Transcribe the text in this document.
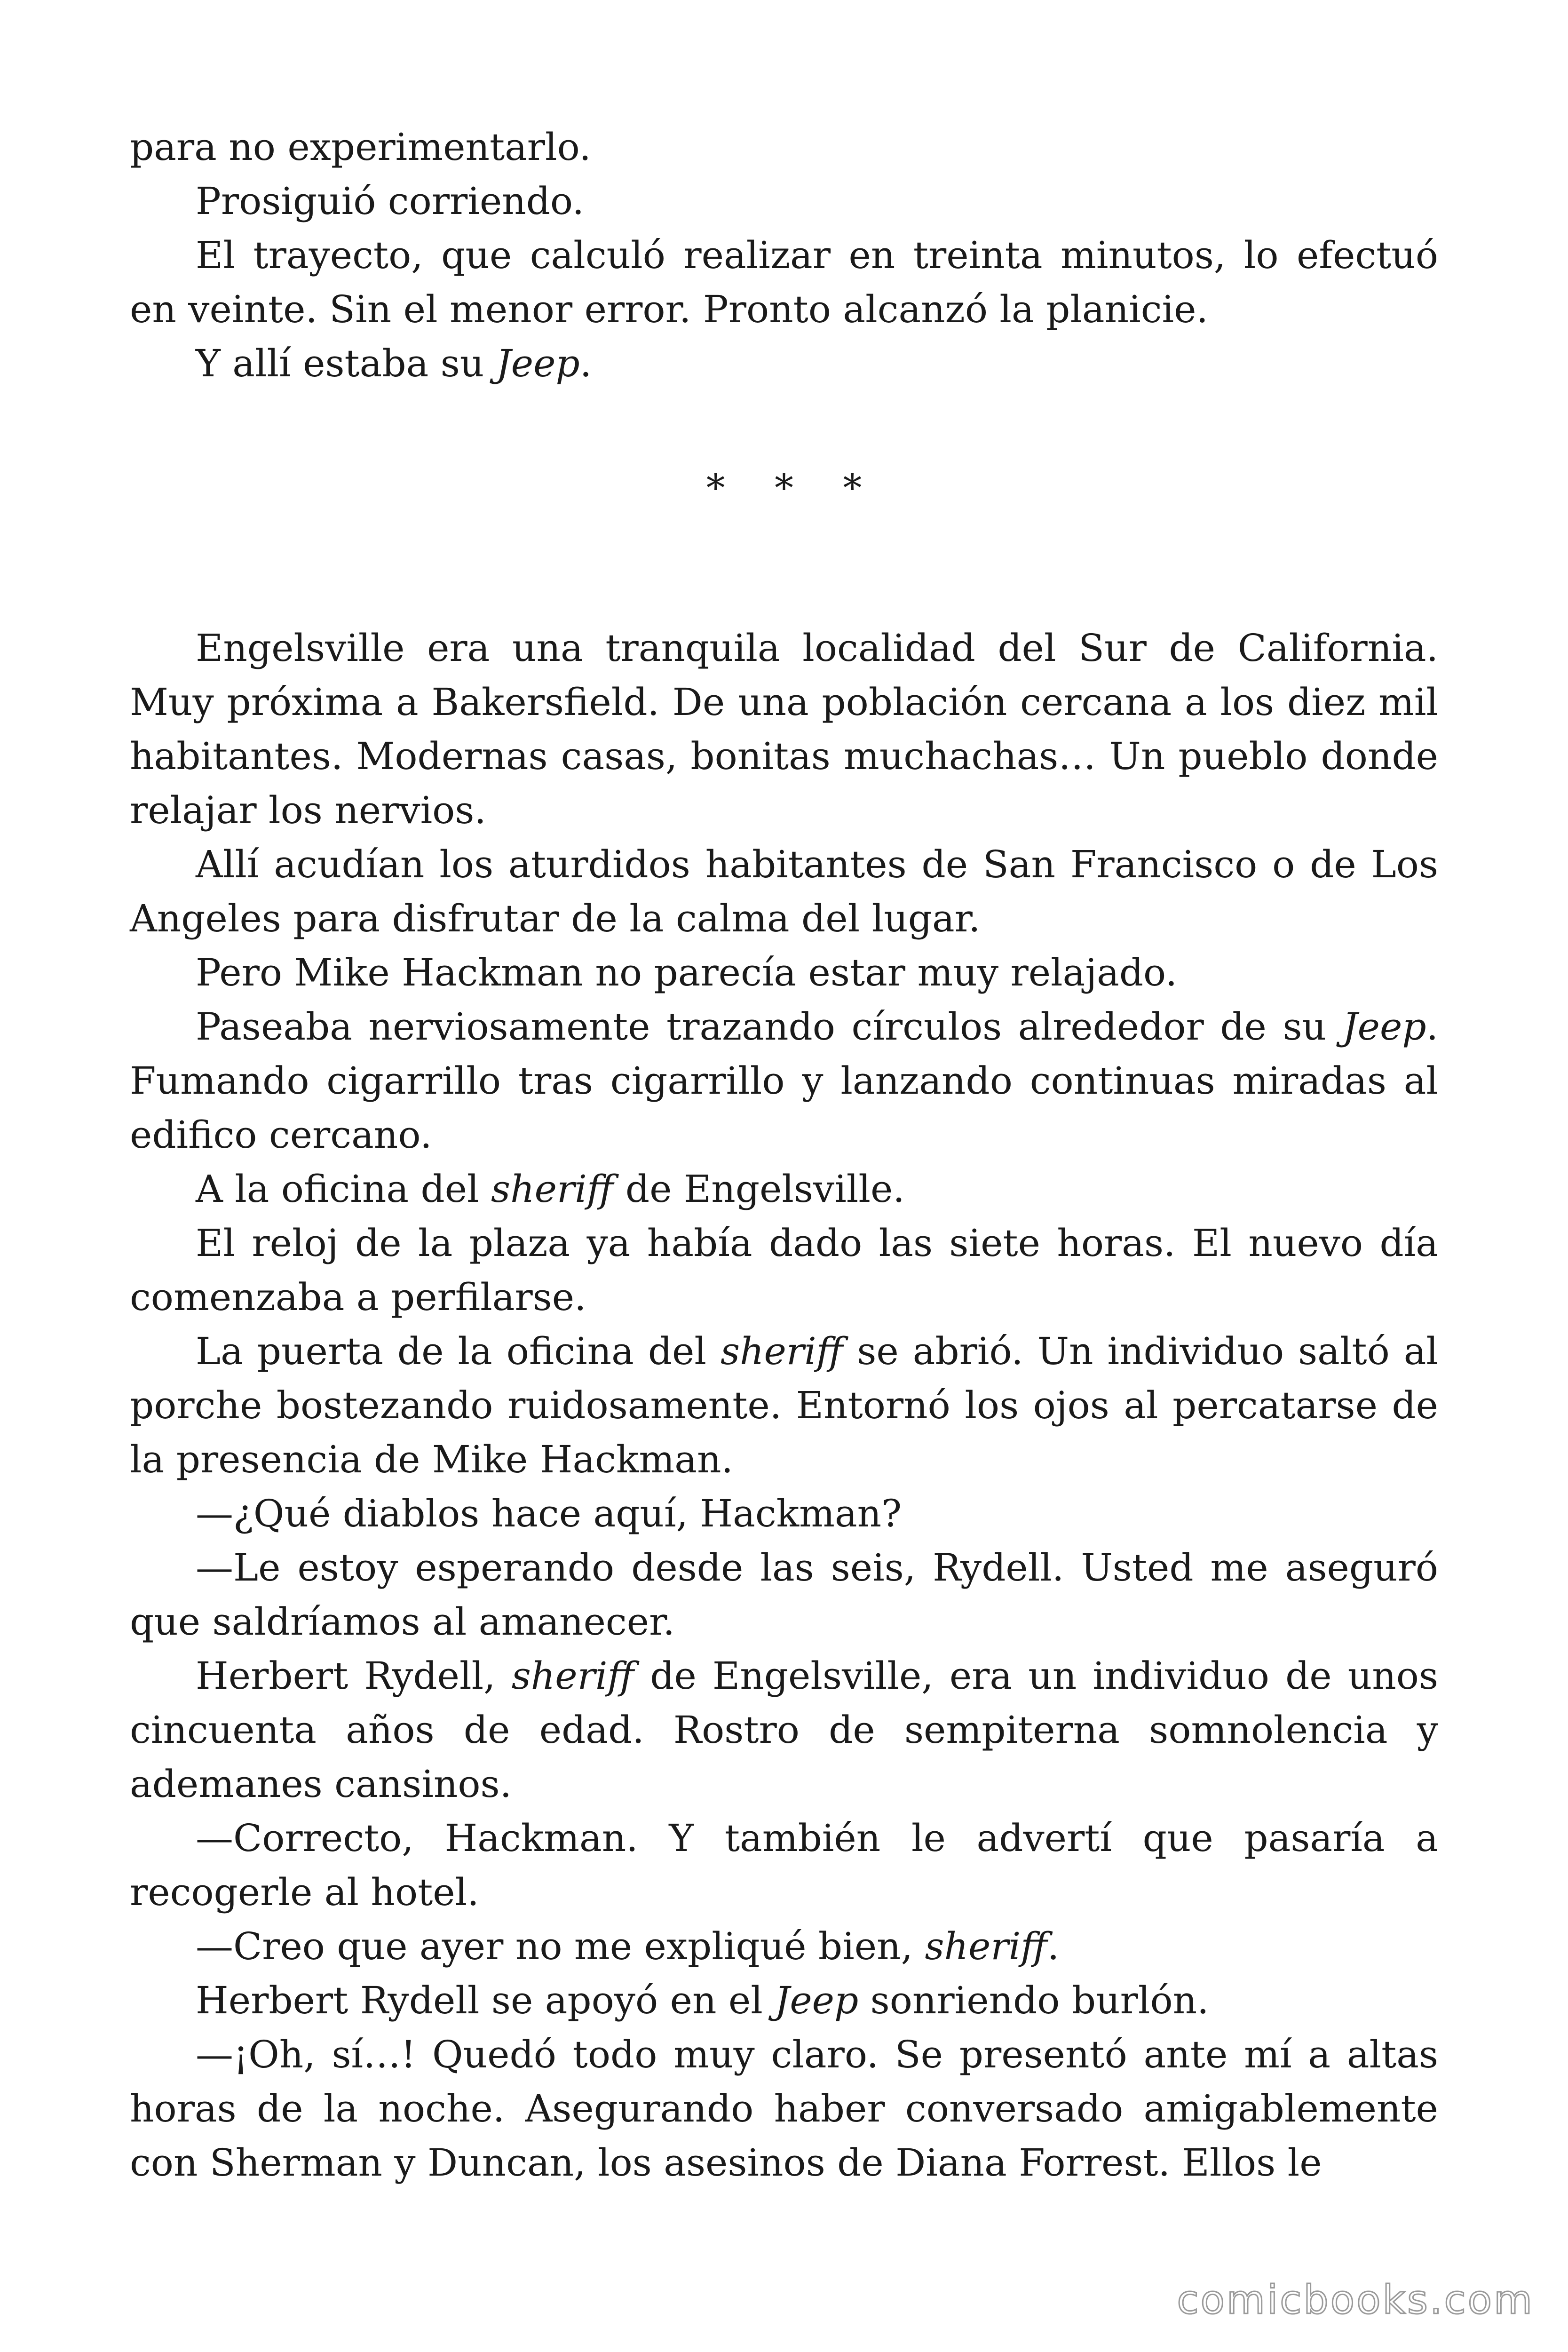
para no experimentarlo.

Prosiguió corriendo.

El trayecto, que calculó realizar en treinta minutos, lo efectuó en veinte. Sin el menor error. Pronto alcanzó la planicie.

Y allí estaba su Jeep.

* * *

Engelsville era una tranquila localidad del Sur de California. Muy próxima a Bakersfield. De una población cercana a los diez mil habitantes. Modernas casas, bonitas muchachas… Un pueblo donde relajar los nervios.

Allí acudían los aturdidos habitantes de San Francisco o de Los Angeles para disfrutar de la calma del lugar.

Pero Mike Hackman no parecía estar muy relajado.

Paseaba nerviosamente trazando círculos alrededor de su Jeep. Fumando cigarrillo tras cigarrillo y lanzando continuas miradas al edifico cercano.

A la oficina del sheriff de Engelsville.

El reloj de la plaza ya había dado las siete horas. El nuevo día comenzaba a perfilarse.

La puerta de la oficina del sheriff se abrió. Un individuo saltó al porche bostezando ruidosamente. Entornó los ojos al percatarse de la presencia de Mike Hackman.

—¿Qué diablos hace aquí, Hackman?

—Le estoy esperando desde las seis, Rydell. Usted me aseguró que saldríamos al amanecer.

Herbert Rydell, sheriff de Engelsville, era un individuo de unos cincuenta años de edad. Rostro de sempiterna somnolencia y ademanes cansinos.

—Correcto, Hackman. Y también le advertí que pasaría a recogerle al hotel.

—Creo que ayer no me expliqué bien, sheriff.

Herbert Rydell se apoyó en el Jeep sonriendo burlón.

—¡Oh, sí…! Quedó todo muy claro. Se presentó ante mí a altas horas de la noche. Asegurando haber conversado amigablemente con Sherman y Duncan, los asesinos de Diana Forrest. Ellos le

comicbooks.com
